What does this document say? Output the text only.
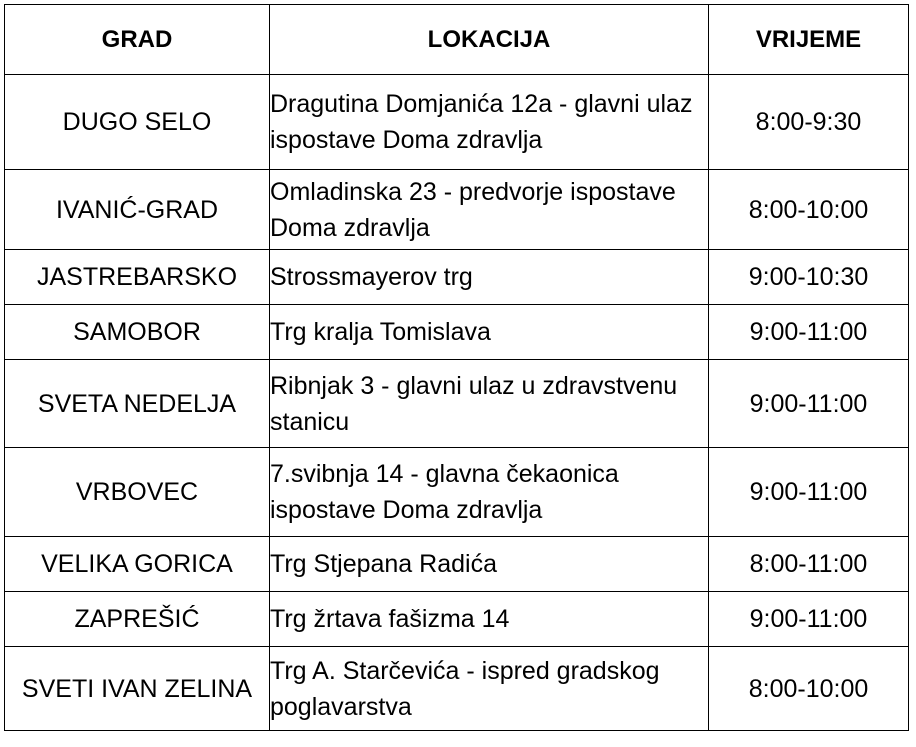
GRAD	LOKACIJA	VRIJEME
DUGO SELO	Dragutina Domjanića 12a - glavni ulaz ispostave Doma zdravlja	8:00-9:30
IVANIĆ-GRAD	Omladinska 23 - predvorje ispostave Doma zdravlja	8:00-10:00
JASTREBARSKO	Strossmayerov trg	9:00-10:30
SAMOBOR	Trg kralja Tomislava	9:00-11:00
SVETA NEDELJA	Ribnjak 3 - glavni ulaz u zdravstvenu stanicu	9:00-11:00
VRBOVEC	7.svibnja 14 - glavna čekaonica ispostave Doma zdravlja	9:00-11:00
VELIKA GORICA	Trg Stjepana Radića	8:00-11:00
ZAPREŠIĆ	Trg žrtava fašizma 14	9:00-11:00
SVETI IVAN ZELINA	Trg A. Starčevića - ispred gradskog poglavarstva	8:00-10:00
